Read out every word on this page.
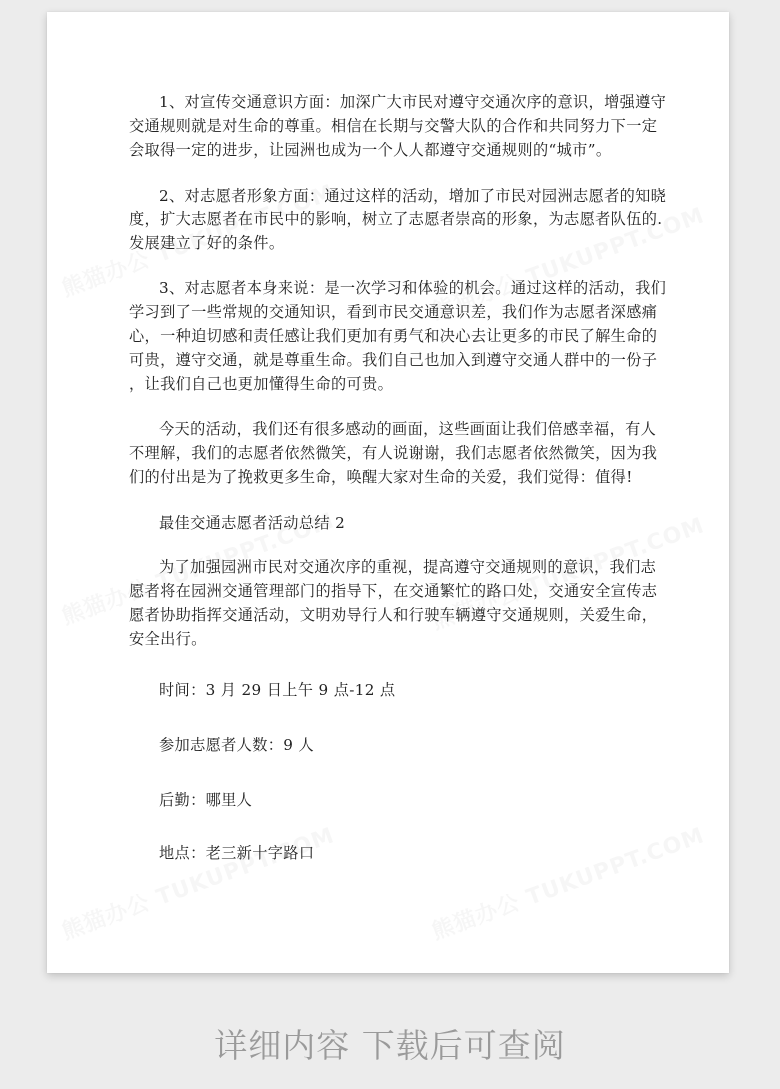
1、对宣传交通意识方面：加深广大市民对遵守交通次序的意识，增强遵守
交通规则就是对生命的尊重。相信在长期与交警大队的合作和共同努力下一定
会取得一定的进步，让园洲也成为一个人人都遵守交通规则的“城市”。
2、对志愿者形象方面：通过这样的活动，增加了市民对园洲志愿者的知晓
度，扩大志愿者在市民中的影响，树立了志愿者崇高的形象，为志愿者队伍的.
发展建立了好的条件。
3、对志愿者本身来说：是一次学习和体验的机会。通过这样的活动，我们
学习到了一些常规的交通知识，看到市民交通意识差，我们作为志愿者深感痛
心，一种迫切感和责任感让我们更加有勇气和决心去让更多的市民了解生命的
可贵，遵守交通，就是尊重生命。我们自己也加入到遵守交通人群中的一份子
，让我们自己也更加懂得生命的可贵。
今天的活动，我们还有很多感动的画面，这些画面让我们倍感幸福，有人
不理解，我们的志愿者依然微笑，有人说谢谢，我们志愿者依然微笑，因为我
们的付出是为了挽救更多生命，唤醒大家对生命的关爱，我们觉得：值得!
最佳交通志愿者活动总结 2
为了加强园洲市民对交通次序的重视，提高遵守交通规则的意识，我们志
愿者将在园洲交通管理部门的指导下，在交通繁忙的路口处，交通安全宣传志
愿者协助指挥交通活动，文明劝导行人和行驶车辆遵守交通规则，关爱生命，
安全出行。
时间：3 月 29 日上午 9 点-12 点
参加志愿者人数：9 人
后勤：哪里人
地点：老三新十字路口
详细内容 下载后可查阅
